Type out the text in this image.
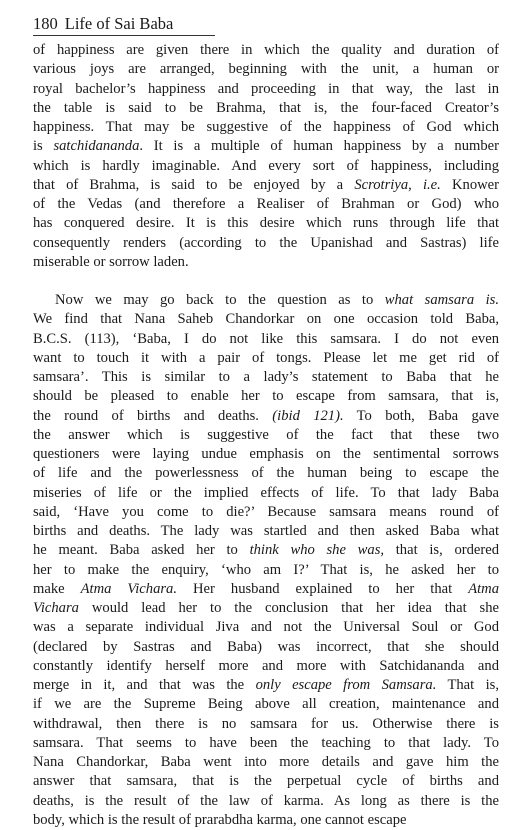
180 Life of Sai Baba

of happiness are given there in which the quality and duration of
various joys are arranged, beginning with the unit, a human or
royal bachelor’s happiness and proceeding in that way, the last in
the table is said to be Brahma, that is, the four-faced Creator’s
happiness. That may be suggestive of the happiness of God which
is satchidananda. It is a multiple of human happiness by a number
which is hardly imaginable. And every sort of happiness, including
that of Brahma, is said to be enjoyed by a Scrotriya, i.e. Knower
of the Vedas (and therefore a Realiser of Brahman or God) who
has conquered desire. It is this desire which runs through life that
consequently renders (according to the Upanishad and Sastras) life
miserable or sorrow laden.

Now we may go back to the question as to what samsara is.
We find that Nana Saheb Chandorkar on one occasion told Baba,
B.C.S. (113), ‘Baba, I do not like this samsara. I do not even
want to touch it with a pair of tongs. Please let me get rid of
samsara’. This is similar to a lady’s statement to Baba that he
should be pleased to enable her to escape from samsara, that is,
the round of births and deaths. (ibid 121). To both, Baba gave
the answer which is suggestive of the fact that these two
questioners were laying undue emphasis on the sentimental sorrows
of life and the powerlessness of the human being to escape the
miseries of life or the implied effects of life. To that lady Baba
said, ‘Have you come to die?’ Because samsara means round of
births and deaths. The lady was startled and then asked Baba what
he meant. Baba asked her to think who she was, that is, ordered
her to make the enquiry, ‘who am I?’ That is, he asked her to
make Atma Vichara. Her husband explained to her that Atma
Vichara would lead her to the conclusion that her idea that she
was a separate individual Jiva and not the Universal Soul or God
(declared by Sastras and Baba) was incorrect, that she should
constantly identify herself more and more with Satchidananda and
merge in it, and that was the only escape from Samsara. That is,
if we are the Supreme Being above all creation, maintenance and
withdrawal, then there is no samsara for us. Otherwise there is
samsara. That seems to have been the teaching to that lady. To
Nana Chandorkar, Baba went into more details and gave him the
answer that samsara, that is the perpetual cycle of births and
deaths, is the result of the law of karma. As long as there is the
body, which is the result of prarabdha karma, one cannot escape
